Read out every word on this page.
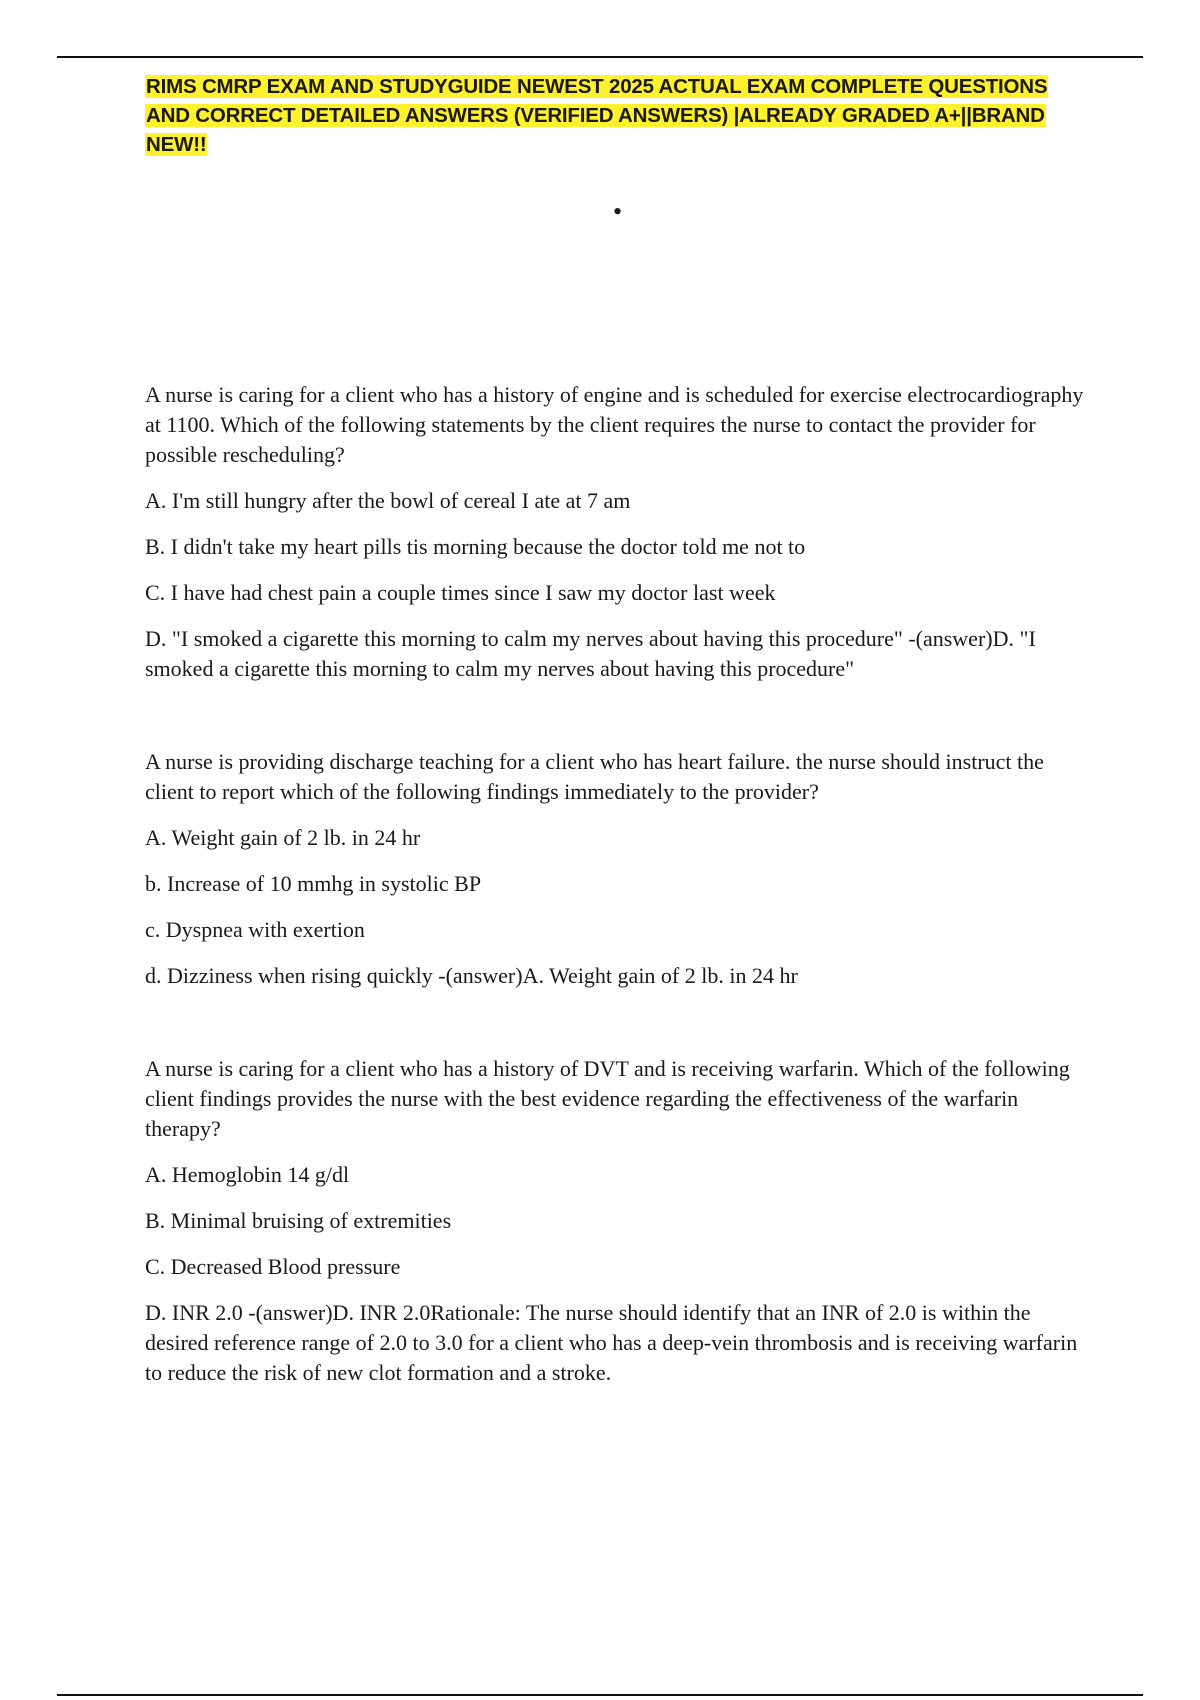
RIMS CMRP EXAM AND STUDYGUIDE NEWEST 2025 ACTUAL EXAM COMPLETE QUESTIONS AND CORRECT DETAILED ANSWERS (VERIFIED ANSWERS) |ALREADY GRADED A+||BRAND NEW!!
•

A nurse is caring for a client who has a history of engine and is scheduled for exercise electrocardiography at 1100. Which of the following statements by the client requires the nurse to contact the provider for possible rescheduling?

A. I'm still hungry after the bowl of cereal I ate at 7 am

B. I didn't take my heart pills tis morning because the doctor told me not to

C. I have had chest pain a couple times since I saw my doctor last week

D. "I smoked a cigarette this morning to calm my nerves about having this procedure" -(answer)D. "I smoked a cigarette this morning to calm my nerves about having this procedure"

A nurse is providing discharge teaching for a client who has heart failure. the nurse should instruct the client to report which of the following findings immediately to the provider?

A. Weight gain of 2 lb. in 24 hr

b. Increase of 10 mmhg in systolic BP

c. Dyspnea with exertion

d. Dizziness when rising quickly -(answer)A. Weight gain of 2 lb. in 24 hr

A nurse is caring for a client who has a history of DVT and is receiving warfarin. Which of the following client findings provides the nurse with the best evidence regarding the effectiveness of the warfarin therapy?

A. Hemoglobin 14 g/dl

B. Minimal bruising of extremities

C. Decreased Blood pressure

D. INR 2.0 -(answer)D. INR 2.0Rationale: The nurse should identify that an INR of 2.0 is within the desired reference range of 2.0 to 3.0 for a client who has a deep-vein thrombosis and is receiving warfarin to reduce the risk of new clot formation and a stroke.
